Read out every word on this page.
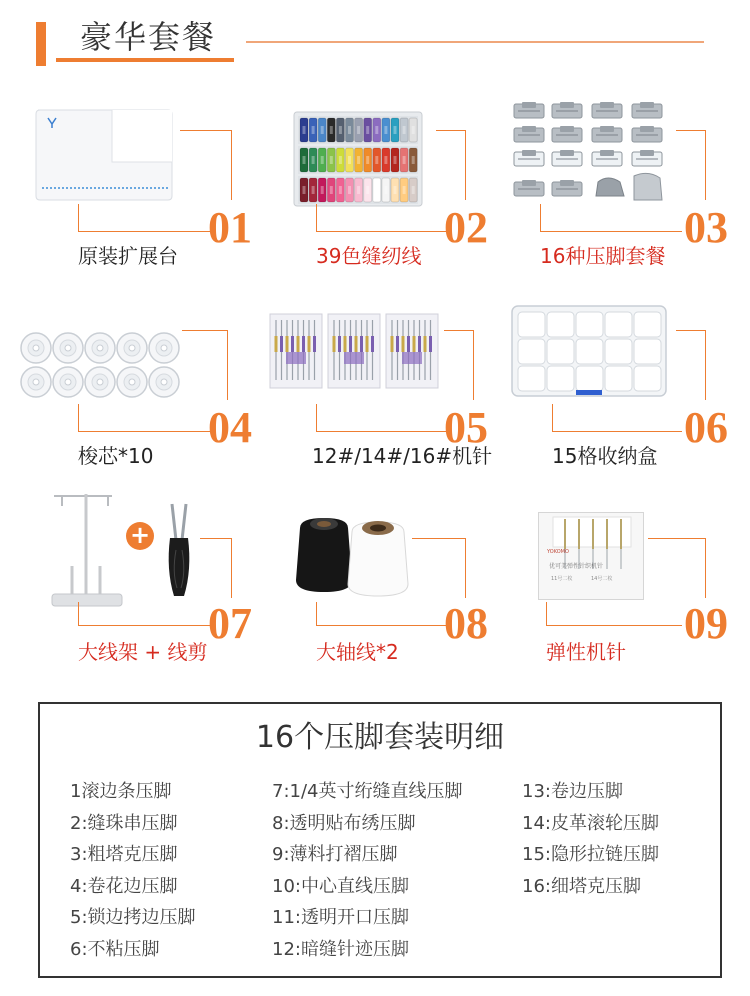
豪华套餐
01
原装扩展台
02
39色缝纫线
03
16种压脚套餐
04
梭芯*10
05
12#/14#/16#机针
06
15格收纳盒
+
07
大线架 + 线剪
08
大轴线*2
YOKOMO
优可美弹性针织机针
11号二枚	14号二枚
09
弹性机针
16个压脚套装明细
1滚边条压脚
2:缝珠串压脚
3:粗塔克压脚
4:卷花边压脚
5:锁边拷边压脚
6:不粘压脚
7:1/4英寸绗缝直线压脚
8:透明贴布绣压脚
9:薄料打褶压脚
10:中心直线压脚
11:透明开口压脚
12:暗缝针迹压脚
13:卷边压脚
14:皮革滚轮压脚
15:隐形拉链压脚
16:细塔克压脚
